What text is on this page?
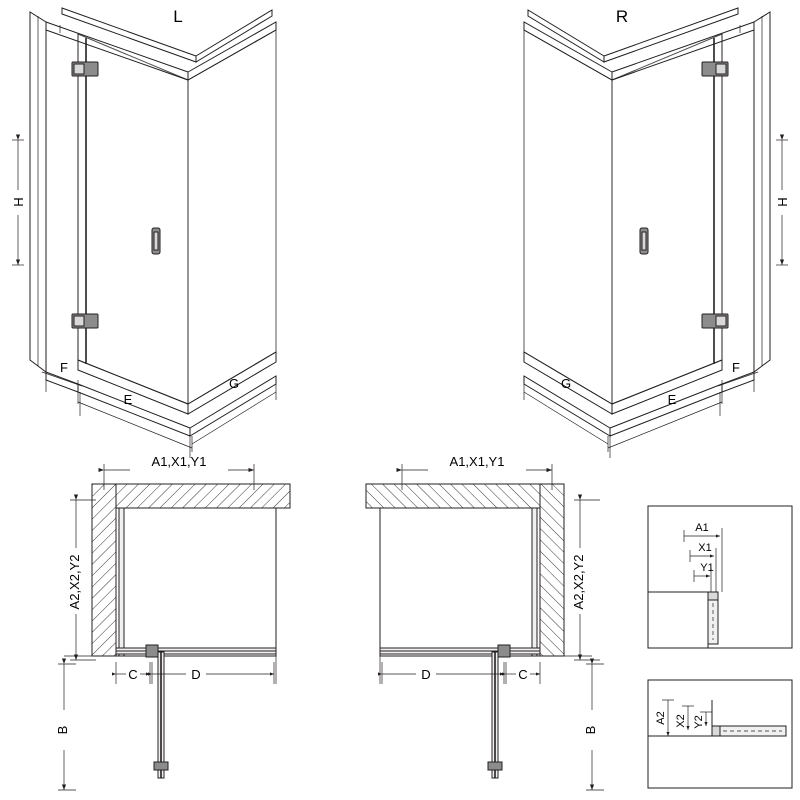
H
F
E
G
L	R
H
F
E
G
A1,X1,Y1
A2,X2,Y2
C	D
B
A1,X1,Y1
A2,X2,Y2
D	C
B
A1
X1
Y1
A2 X2 Y2
